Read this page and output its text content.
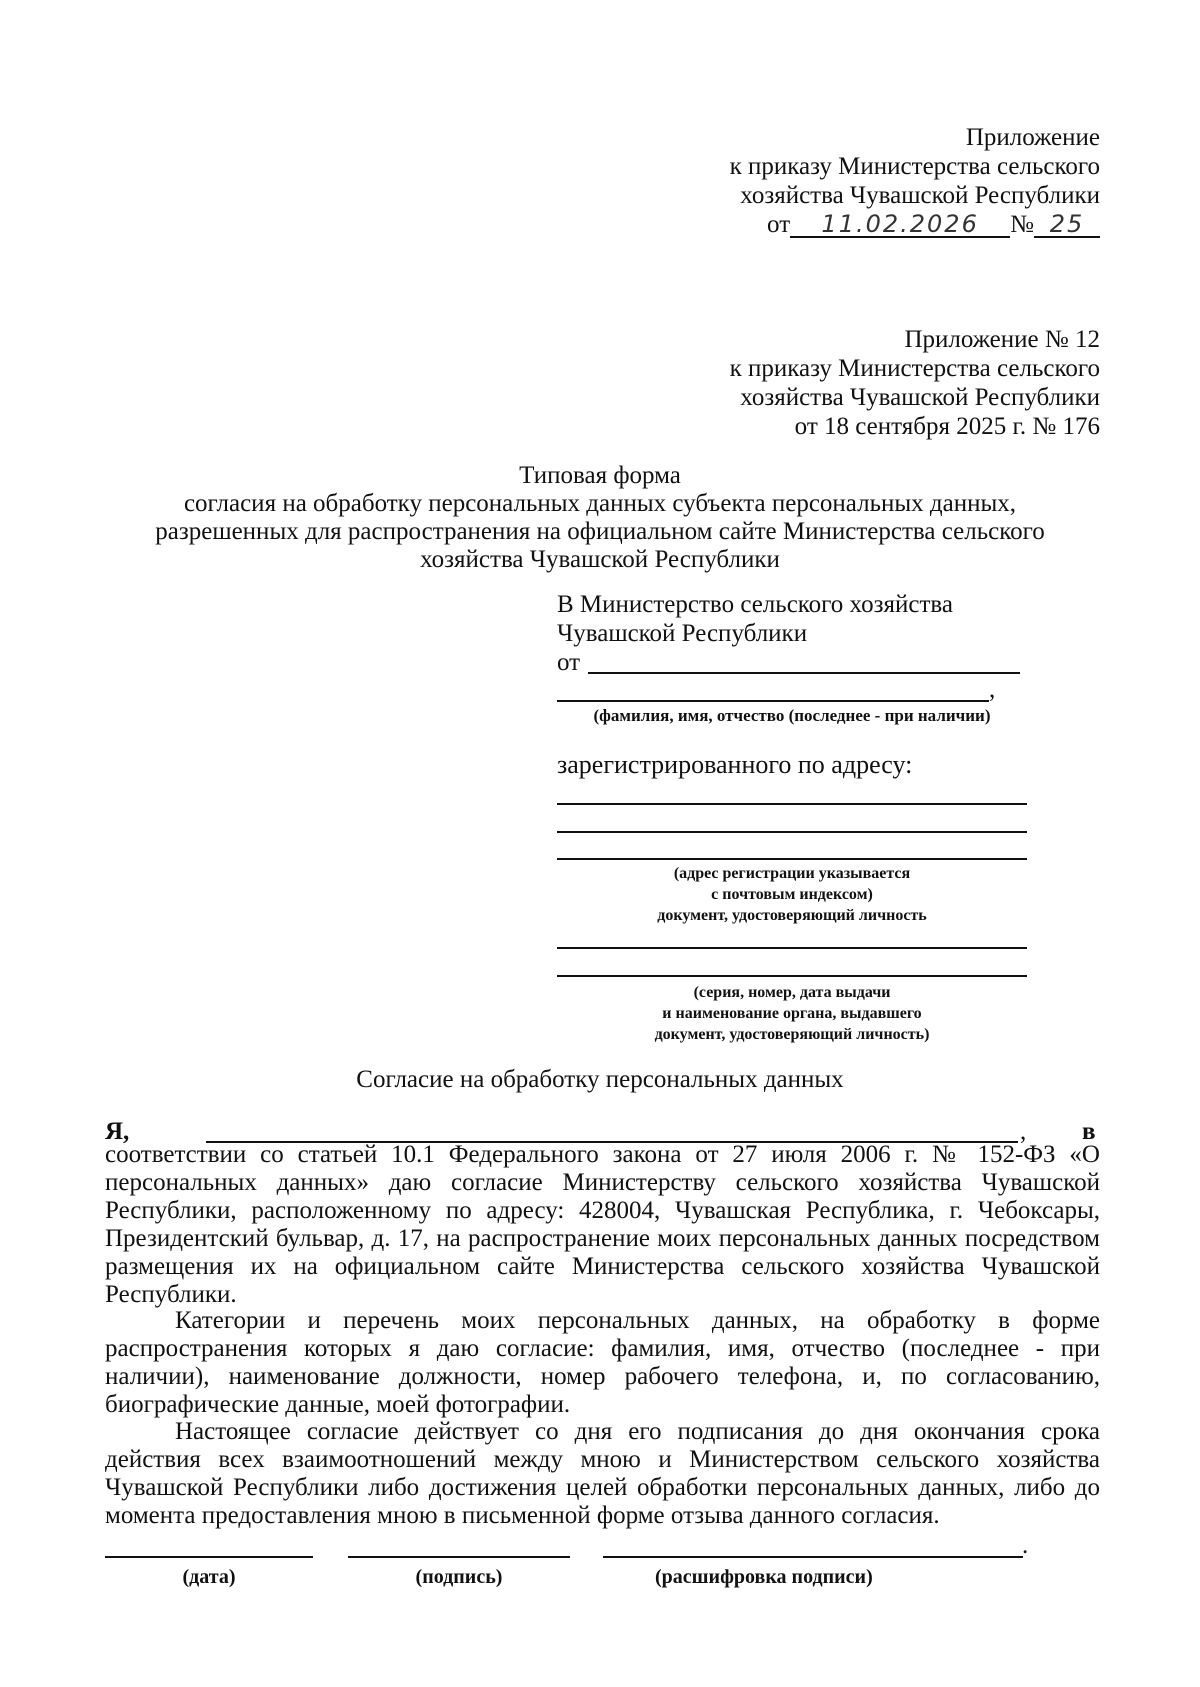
Приложение
к приказу Министерства сельского
хозяйства Чувашской Республики
от 11.02.2026 № 25
Приложение № 12
к приказу Министерства сельского
хозяйства Чувашской Республики
от 18 сентября 2025 г. № 176
Типовая форма
согласия на обработку персональных данных субъекта персональных данных,
разрешенных для распространения на официальном сайте Министерства сельского
хозяйства Чувашской Республики
В Министерство сельского хозяйства
Чувашской Республики
от
,
(фамилия, имя, отчество (последнее - при наличии)
зарегистрированного по адресу:
(адрес регистрации указывается
с почтовым индексом)
документ, удостоверяющий личность
(серия, номер, дата выдачи
и наименование органа, выдавшего
документ, удостоверяющий личность)
Согласие на обработку персональных данных
Я,	, в
соответствии со статьей 10.1 Федерального закона от 27 июля 2006 г. № 152-ФЗ «О персональных данных» даю согласие Министерству сельского хозяйства Чувашской Республики, расположенному по адресу: 428004, Чувашская Республика, г. Чебоксары, Президентский бульвар, д. 17, на распространение моих персональных данных посредством размещения их на официальном сайте Министерства сельского хозяйства Чувашской Республики.
Категории и перечень моих персональных данных, на обработку в форме распространения которых я даю согласие: фамилия, имя, отчество (последнее - при наличии), наименование должности, номер рабочего телефона, и, по согласованию, биографические данные, моей фотографии.
Настоящее согласие действует со дня его подписания до дня окончания срока действия всех взаимоотношений между мною и Министерством сельского хозяйства Чувашской Республики либо достижения целей обработки персональных данных, либо до момента предоставления мною в письменной форме отзыва данного согласия.
.
(дата)	(подпись)	(расшифровка подписи)
